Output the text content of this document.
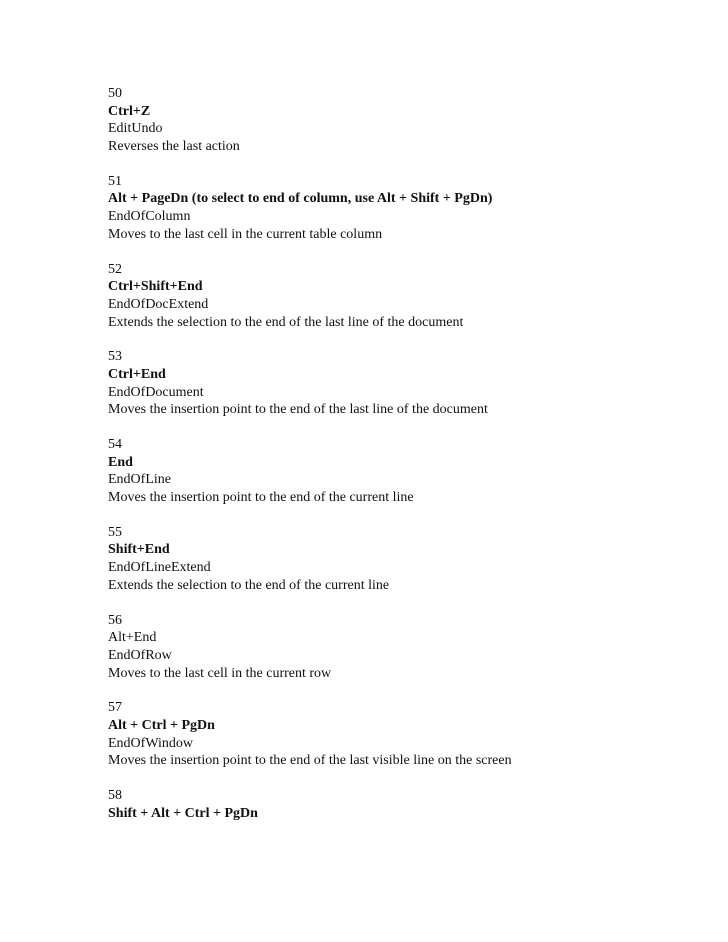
50
Ctrl+Z
EditUndo
Reverses the last action
51
Alt + PageDn (to select to end of column, use Alt + Shift + PgDn)
EndOfColumn
Moves to the last cell in the current table column
52
Ctrl+Shift+End
EndOfDocExtend
Extends the selection to the end of the last line of the document
53
Ctrl+End
EndOfDocument
Moves the insertion point to the end of the last line of the document
54
End
EndOfLine
Moves the insertion point to the end of the current line
55
Shift+End
EndOfLineExtend
Extends the selection to the end of the current line
56
Alt+End
EndOfRow
Moves to the last cell in the current row
57
Alt + Ctrl + PgDn
EndOfWindow
Moves the insertion point to the end of the last visible line on the screen
58
Shift + Alt + Ctrl + PgDn
